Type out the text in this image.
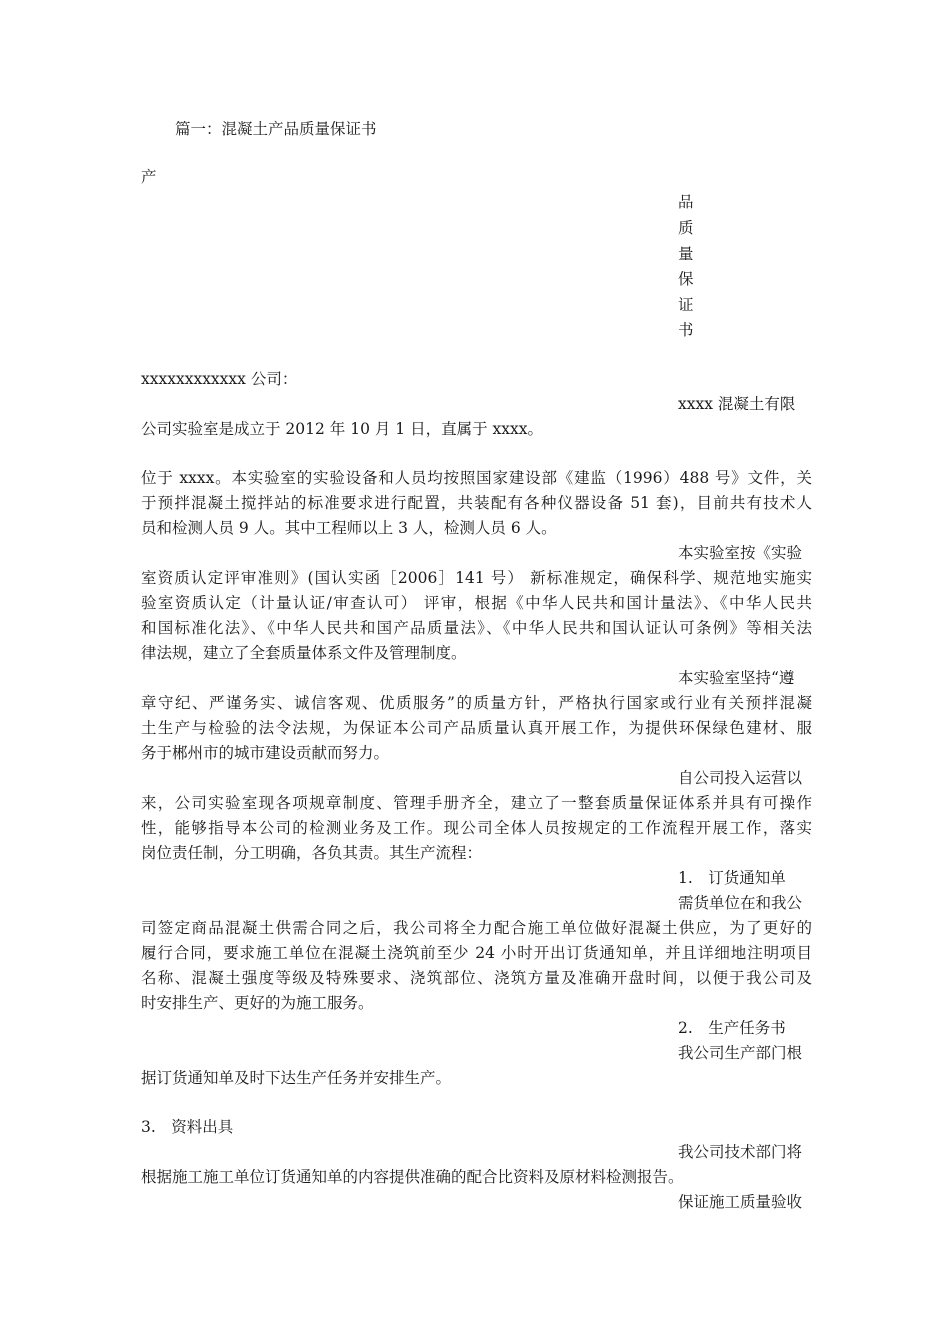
篇一：混凝土产品质量保证书

产

品

质

量

保

证

书

xxxxxxxxxxxx 公司：

xxxx 混凝土有限

公司实验室是成立于 2012 年 10 月 1 日，直属于 xxxx。

位于 xxxx。本实验室的实验设备和人员均按照国家建设部《建监（1996）488 号》文件，关

于预拌混凝土搅拌站的标准要求进行配置，共装配有各种仪器设备 51 套)，目前共有技术人

员和检测人员 9 人。其中工程师以上 3 人，检测人员 6 人。

本实验室按《实验

室资质认定评审准则》(国认实函［2006］141 号） 新标准规定，确保科学、规范地实施实

验室资质认定（计量认证/审查认可） 评审，根据《中华人民共和国计量法》、《中华人民共

和国标准化法》、《中华人民共和国产品质量法》、《中华人民共和国认证认可条例》等相关法

律法规，建立了全套质量体系文件及管理制度。

本实验室坚持“遵

章守纪、严谨务实、诚信客观、优质服务”的质量方针，严格执行国家或行业有关预拌混凝

土生产与检验的法令法规，为保证本公司产品质量认真开展工作，为提供环保绿色建材、服

务于郴州市的城市建设贡献而努力。

自公司投入运营以

来，公司实验室现各项规章制度、管理手册齐全，建立了一整套质量保证体系并具有可操作

性，能够指导本公司的检测业务及工作。现公司全体人员按规定的工作流程开展工作，落实

岗位责任制，分工明确，各负其责。其生产流程：

1.　订货通知单

需货单位在和我公

司签定商品混凝土供需合同之后，我公司将全力配合施工单位做好混凝土供应，为了更好的

履行合同，要求施工单位在混凝土浇筑前至少 24 小时开出订货通知单，并且详细地注明项目

名称、混凝土强度等级及特殊要求、浇筑部位、浇筑方量及准确开盘时间，以便于我公司及

时安排生产、更好的为施工服务。

2.　生产任务书

我公司生产部门根

据订货通知单及时下达生产任务并安排生产。

3.　资料出具

我公司技术部门将

根据施工施工单位订货通知单的内容提供准确的配合比资料及原材料检测报告。

保证施工质量验收
